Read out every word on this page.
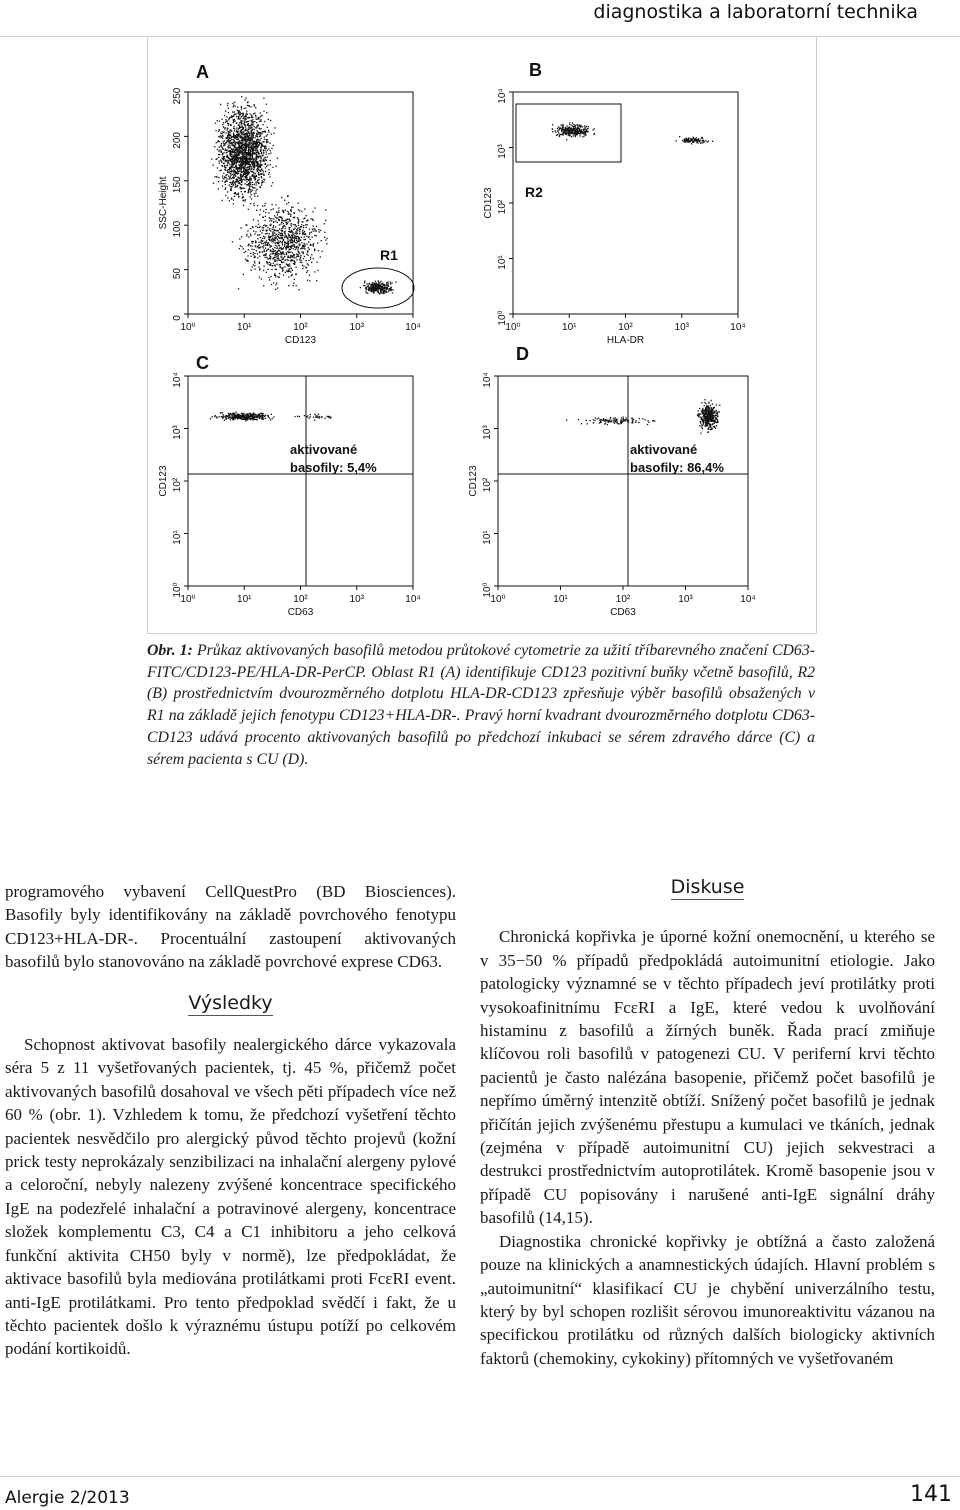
diagnostika a laboratorní technika
A
0
50
100
150
200
250
10⁰	10¹	10²	10³	10⁴
SSC-Height
CD123
R1
B
10⁰
10¹
10²
10³
10⁴
10⁰	10¹	10²	10³	10⁴
CD123
HLA-DR
R2
C
10⁰
10¹
10²
10³
10⁴
10⁰	10¹	10²	10³	10⁴
CD123
CD63
aktivované
basofily: 5,4%
D
10⁰
10¹
10²
10³
10⁴
10⁰	10¹	10²	10³	10⁴
CD123
CD63
aktivované
basofily: 86,4%

Obr. 1: Průkaz aktivovaných basofilů metodou průtokové cytometrie za užití tříbarevného značení CD63-FITC/CD123-PE/HLA-DR-PerCP. Oblast R1 (A) identifikuje CD123 pozitivní buňky včetně basofilů, R2 (B) prostřednictvím dvourozměrného dotplotu HLA-DR-CD123 zpřesňuje výběr basofilů obsažených v R1 na základě jejich fenotypu CD123+HLA-DR-. Pravý horní kvadrant dvourozměrného dotplotu CD63-CD123 udává procento aktivovaných basofilů po předchozí inkubaci se sérem zdravého dárce (C) a sérem pacienta s CU (D).

programového vybavení CellQuestPro (BD Biosciences). Basofily byly identifikovány na základě povrchového fenotypu CD123+HLA-DR-. Procentuální zastoupení aktivovaných basofilů bylo stanovováno na základě povrchové exprese CD63.

Výsledky

Schopnost aktivovat basofily nealergického dárce vykazovala séra 5 z 11 vyšetřovaných pacientek, tj. 45 %, přičemž počet aktivovaných basofilů dosahoval ve všech pěti případech více než 60 % (obr. 1). Vzhledem k tomu, že předchozí vyšetření těchto pacientek nesvědčilo pro alergický původ těchto projevů (kožní prick testy neprokázaly senzibilizaci na inhalační alergeny pylové a celoroční, nebyly nalezeny zvýšené koncentrace specifického IgE na podezřelé inhalační a potravinové alergeny, koncentrace složek komplementu C3, C4 a C1 inhibitoru a jeho celková funkční aktivita CH50 byly v normě), lze předpokládat, že aktivace basofilů byla mediována protilátkami proti FcεRI event. anti-IgE protilátkami. Pro tento předpoklad svědčí i fakt, že u těchto pacientek došlo k výraznému ústupu potíží po celkovém podání kortikoidů.

Diskuse

Chronická kopřivka je úporné kožní onemocnění, u kterého se v 35−50 % případů předpokládá autoimunitní etiologie. Jako patologicky významné se v těchto případech jeví protilátky proti vysokoafinitnímu FcεRI a IgE, které vedou k uvolňování histaminu z basofilů a žírných buněk. Řada prací zmiňuje klíčovou roli basofilů v patogenezi CU. V periferní krvi těchto pacientů je často nalézána basopenie, přičemž počet basofilů je nepřímo úměrný intenzitě obtíží. Snížený počet basofilů je jednak přičítán jejich zvýšenému přestupu a kumulaci ve tkáních, jednak (zejména v případě autoimunitní CU) jejich sekvestraci a destrukci prostřednictvím autoprotilátek. Kromě basopenie jsou v případě CU popisovány i narušené anti-IgE signální dráhy basofilů (14,15).

Diagnostika chronické kopřivky je obtížná a často založená pouze na klinických a anamnestických údajích. Hlavní problém s „autoimunitní“ klasifikací CU je chybění univerzálního testu, který by byl schopen rozlišit sérovou imunoreaktivitu vázanou na specifickou protilátku od různých dalších biologicky aktivních faktorů (chemokiny, cykokiny) přítomných ve vyšetřovaném

Alergie 2/2013	141
